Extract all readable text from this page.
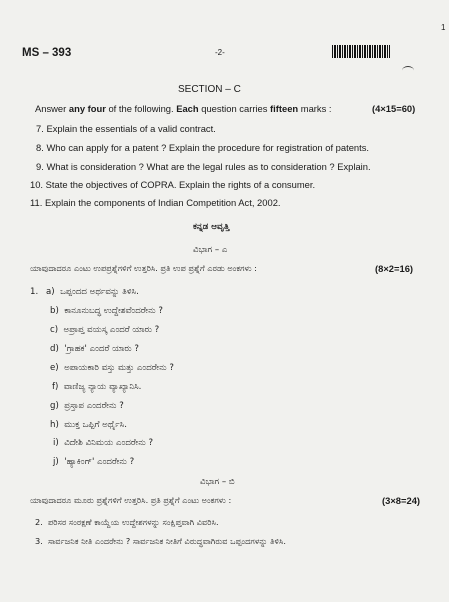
1
MS – 393	-2-
SECTION – C
Answer any four of the following. Each question carries fifteen marks :	(4×15=60)
7. Explain the essentials of a valid contract.
8. Who can apply for a patent ? Explain the procedure for registration of patents.
9. What is consideration ? What are the legal rules as to consideration ? Explain.
10. State the objectives of COPRA. Explain the rights of a consumer.
11. Explain the components of Indian Competition Act, 2002.
ಕನ್ನಡ ಆವೃತ್ತಿ
ವಿಭಾಗ – ಎ
ಯಾವುದಾದರೂ ಎಂಟು ಉಪಪ್ರಶ್ನೆಗಳಿಗೆ ಉತ್ತರಿಸಿ. ಪ್ರತಿ ಉಪ ಪ್ರಶ್ನೆಗೆ ಎರಡು ಅಂಕಗಳು :	(8×2=16)
1. a) ಒಪ್ಪಂದದ ಅರ್ಥವನ್ನು ತಿಳಿಸಿ.
b) ಕಾನೂನುಬದ್ಧ ಉದ್ದೇಶವೆಂದರೇನು ?
c) ಅಪ್ರಾಪ್ತ ವಯಸ್ಕ ಎಂದರೆ ಯಾರು ?
d) 'ಗ್ರಾಹಕ' ಎಂದರೆ ಯಾರು ?
e) ಅಪಾಯಕಾರಿ ವಸ್ತು ಮತ್ತು ಎಂದರೇನು ?
f) ವಾಣಿಜ್ಯ ನ್ಯಾಯ ವ್ಯಾಖ್ಯಾನಿಸಿ.
g) ಪ್ರಸ್ತಾಪ ಎಂದರೇನು ?
h) ಮುಕ್ತ ಒಪ್ಪಿಗೆ ಅರ್ಥೈಸಿ.
i) ವಿದೇಶಿ ವಿನಿಮಯ ಎಂದರೇನು ?
j) 'ಹ್ಯಾಕಿಂಗ್' ಎಂದರೇನು ?
ವಿಭಾಗ – ಬಿ
ಯಾವುದಾದರೂ ಮೂರು ಪ್ರಶ್ನೆಗಳಿಗೆ ಉತ್ತರಿಸಿ. ಪ್ರತಿ ಪ್ರಶ್ನೆಗೆ ಎಂಟು ಅಂಕಗಳು :	(3×8=24)
2. ಪರಿಸರ ಸಂರಕ್ಷಣೆ ಕಾಯ್ದೆಯ ಉದ್ದೇಶಗಳನ್ನು ಸಂಕ್ಷಿಪ್ತವಾಗಿ ವಿವರಿಸಿ.
3. ಸಾರ್ವಜನಿಕ ನೀತಿ ಎಂದರೇನು ? ಸಾರ್ವಜನಿಕ ನೀತಿಗೆ ವಿರುದ್ಧವಾಗಿರುವ ಒಪ್ಪಂದಗಳನ್ನು ತಿಳಿಸಿ.
